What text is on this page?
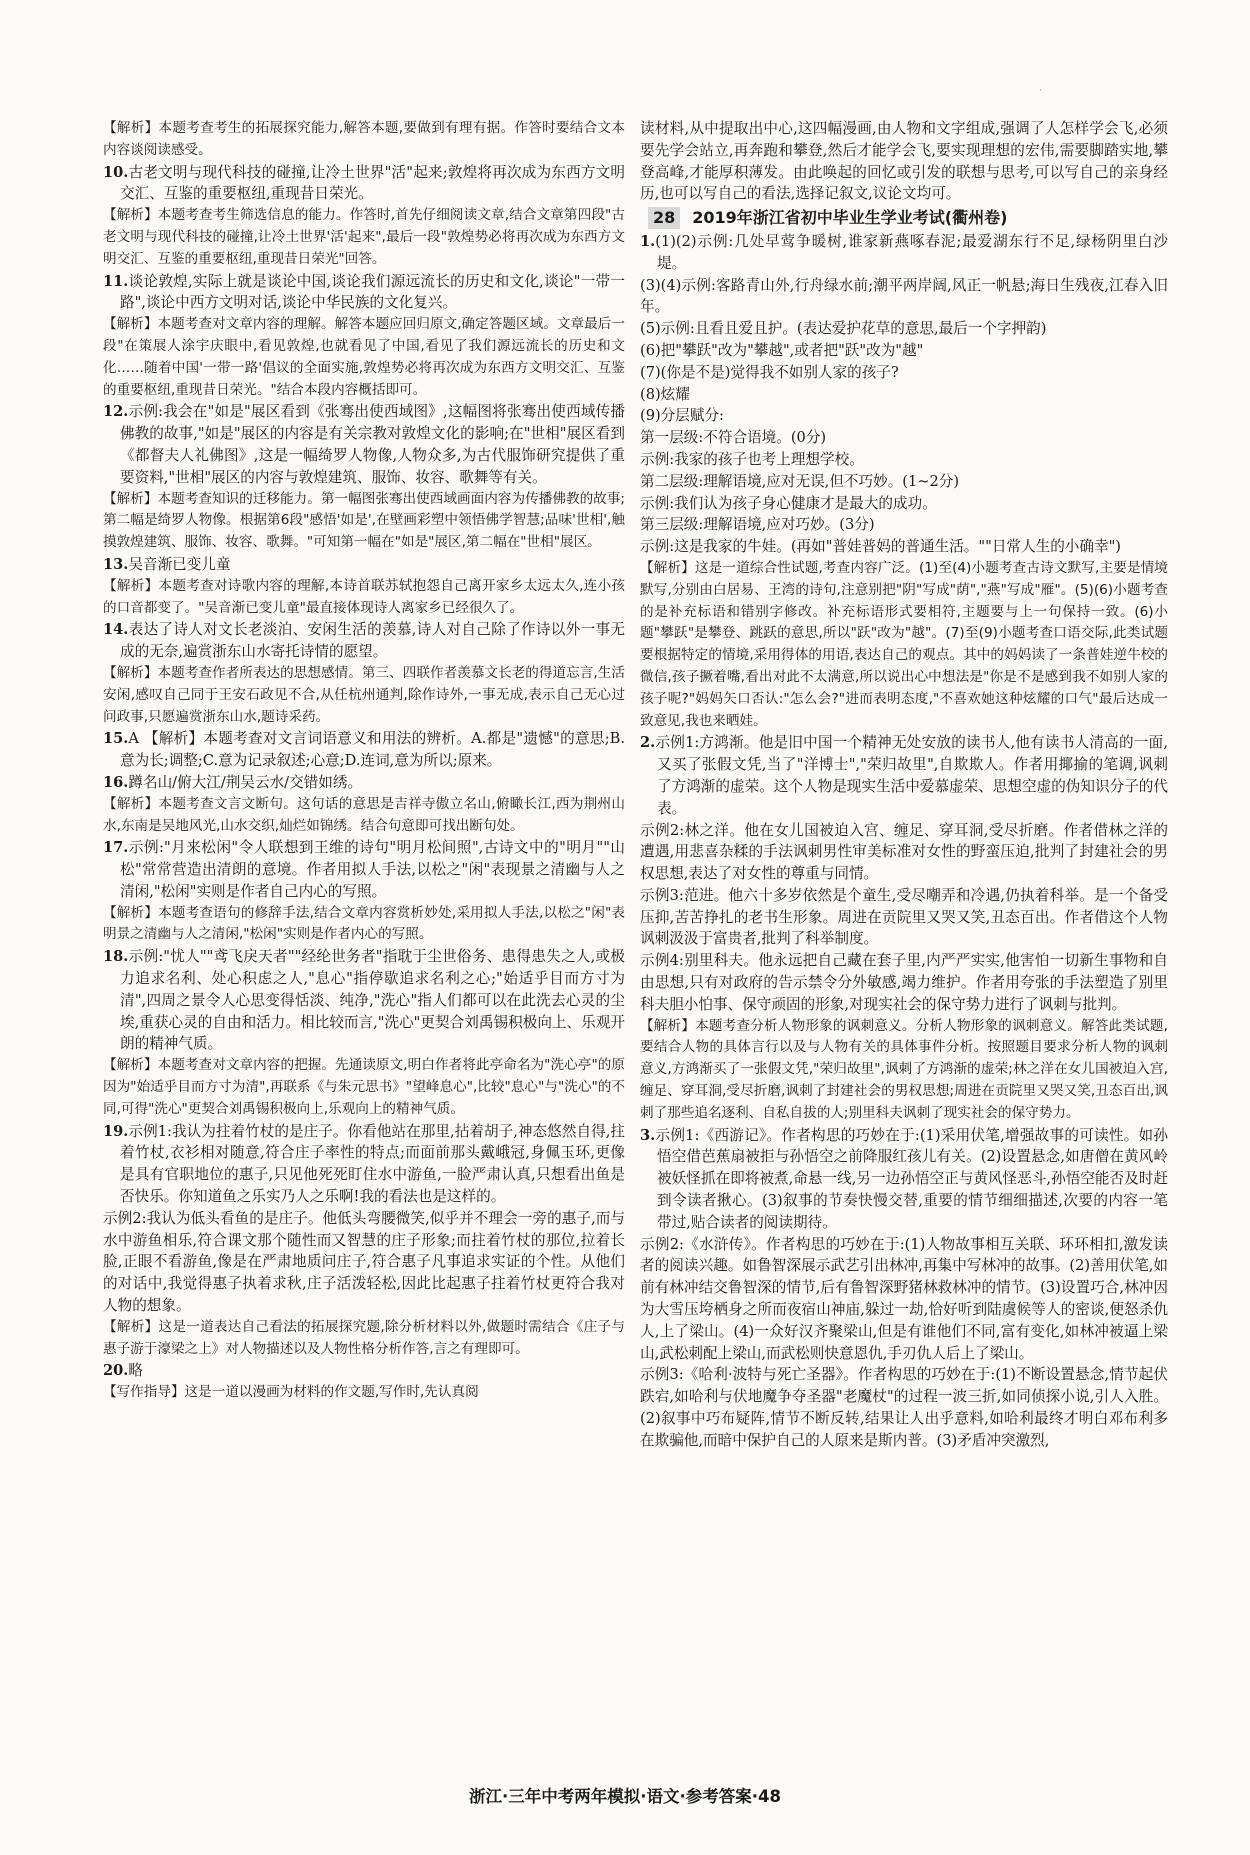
·

【解析】本题考查考生的拓展探究能力,解答本题,要做到有理有据。作答时要结合文本内容谈阅读感受。

10.古老文明与现代科技的碰撞,让冷土世界"活"起来;敦煌将再次成为东西方文明交汇、互鉴的重要枢纽,重现昔日荣光。

【解析】本题考查考生筛选信息的能力。作答时,首先仔细阅读文章,结合文章第四段"古老文明与现代科技的碰撞,让冷土世界'活'起来",最后一段"敦煌势必将再次成为东西方文明交汇、互鉴的重要枢纽,重现昔日荣光"回答。

11.谈论敦煌,实际上就是谈论中国,谈论我们源远流长的历史和文化,谈论"一带一路",谈论中西方文明对话,谈论中华民族的文化复兴。

【解析】本题考查对文章内容的理解。解答本题应回归原文,确定答题区域。文章最后一段"在策展人涂宇庆眼中,看见敦煌,也就看见了中国,看见了我们源远流长的历史和文化……随着中国'一带一路'倡议的全面实施,敦煌势必将再次成为东西方文明交汇、互鉴的重要枢纽,重现昔日荣光。"结合本段内容概括即可。

12.示例:我会在"如是"展区看到《张骞出使西域图》,这幅图将张骞出使西域传播佛教的故事,"如是"展区的内容是有关宗教对敦煌文化的影响;在"世相"展区看到《都督夫人礼佛图》,这是一幅绮罗人物像,人物众多,为古代服饰研究提供了重要资料,"世相"展区的内容与敦煌建筑、服饰、妆容、歌舞等有关。

【解析】本题考查知识的迁移能力。第一幅图张骞出使西域画面内容为传播佛教的故事;第二幅是绮罗人物像。根据第6段"感悟'如是',在壁画彩塑中领悟佛学智慧;品味'世相',触摸敦煌建筑、服饰、妆容、歌舞。"可知第一幅在"如是"展区,第二幅在"世相"展区。

13.吴音渐已变儿童

【解析】本题考查对诗歌内容的理解,本诗首联苏轼抱怨自己离开家乡太远太久,连小孩的口音都变了。"吴音渐已变儿童"最直接体现诗人离家乡已经很久了。

14.表达了诗人对文长老淡泊、安闲生活的羡慕,诗人对自己除了作诗以外一事无成的无奈,遍赏浙东山水寄托诗情的愿望。

【解析】本题考查作者所表达的思想感情。第三、四联作者羡慕文长老的得道忘言,生活安闲,感叹自己同于王安石政见不合,从任杭州通判,除作诗外,一事无成,表示自己无心过问政事,只愿遍赏浙东山水,题诗采药。

15.A 【解析】本题考查对文言词语意义和用法的辨析。A.都是"遗憾"的意思;B.意为长;调整;C.意为记录叙述;心意;D.连词,意为所以;原来。

16.蹲名山/俯大江/荆吴云水/交错如绣。

【解析】本题考查文言文断句。这句话的意思是吉祥寺傲立名山,俯瞰长江,西为荆州山水,东南是吴地风光,山水交织,灿烂如锦绣。结合句意即可找出断句处。

17.示例:"月来松闲"令人联想到王维的诗句"明月松间照",古诗文中的"明月""山松"常常营造出清朗的意境。作者用拟人手法,以松之"闲"表现景之清幽与人之清闲,"松闲"实则是作者自己内心的写照。

【解析】本题考查语句的修辞手法,结合文章内容赏析妙处,采用拟人手法,以松之"闲"表明景之清幽与人之清闲,"松闲"实则是作者内心的写照。

18.示例:"忧人""鸢飞戾天者""经纶世务者"指耽于尘世俗务、患得患失之人,或极力追求名利、处心积虑之人,"息心"指停歇追求名利之心;"始适乎目而方寸为清",四周之景令人心思变得恬淡、纯净,"洗心"指人们都可以在此洗去心灵的尘埃,重获心灵的自由和活力。相比较而言,"洗心"更契合刘禹锡积极向上、乐观开朗的精神气质。

【解析】本题考查对文章内容的把握。先通读原文,明白作者将此亭命名为"洗心亭"的原因为"始适乎目而方寸为清",再联系《与朱元思书》"望峰息心",比较"息心"与"洗心"的不同,可得"洗心"更契合刘禹锡积极向上,乐观向上的精神气质。

19.示例1:我认为拄着竹杖的是庄子。你看他站在那里,拈着胡子,神态悠然自得,拄着竹杖,衣衫相对随意,符合庄子率性的特点;而面前那头戴峨冠,身佩玉环,更像是具有官职地位的惠子,只见他死死盯住水中游鱼,一脸严肃认真,只想看出鱼是否快乐。你知道鱼之乐实乃人之乐啊!我的看法也是这样的。

示例2:我认为低头看鱼的是庄子。他低头弯腰微笑,似乎并不理会一旁的惠子,而与水中游鱼相乐,符合课文那个随性而又智慧的庄子形象;而拄着竹杖的那位,拉着长脸,正眼不看游鱼,像是在严肃地质问庄子,符合惠子凡事追求实证的个性。从他们的对话中,我觉得惠子执着求秋,庄子活泼轻松,因此比起惠子拄着竹杖更符合我对人物的想象。

【解析】这是一道表达自己看法的拓展探究题,除分析材料以外,做题时需结合《庄子与惠子游于濠梁之上》对人物描述以及人物性格分析作答,言之有理即可。

20.略

【写作指导】这是一道以漫画为材料的作文题,写作时,先认真阅

读材料,从中提取出中心,这四幅漫画,由人物和文字组成,强调了人怎样学会飞,必须要先学会站立,再奔跑和攀登,然后才能学会飞,要实现理想的宏伟,需要脚踏实地,攀登高峰,才能厚积薄发。由此唤起的回忆或引发的联想与思考,可以写自己的亲身经历,也可以写自己的看法,选择记叙文,议论文均可。

28	2019年浙江省初中毕业生学业考试(衢州卷)

1.(1)(2)示例:几处早莺争暖树,谁家新燕啄春泥;最爱湖东行不足,绿杨阴里白沙堤。

(3)(4)示例:客路青山外,行舟绿水前;潮平两岸阔,风正一帆悬;海日生残夜,江春入旧年。

(5)示例:且看且爱且护。(表达爱护花草的意思,最后一个字押韵)

(6)把"攀跃"改为"攀越",或者把"跃"改为"越"

(7)(你是不是)觉得我不如别人家的孩子?

(8)炫耀

(9)分层赋分:

第一层级:不符合语境。(0分)

示例:我家的孩子也考上理想学校。

第二层级:理解语境,应对无误,但不巧妙。(1~2分)

示例:我们认为孩子身心健康才是最大的成功。

第三层级:理解语境,应对巧妙。(3分)

示例:这是我家的牛娃。(再如"普娃普妈的普通生活。""日常人生的小确幸")

【解析】这是一道综合性试题,考查内容广泛。(1)至(4)小题考查古诗文默写,主要是情境默写,分别由白居易、王湾的诗句,注意别把"阴"写成"荫","燕"写成"雁"。(5)(6)小题考查的是补充标语和错别字修改。补充标语形式要相符,主题要与上一句保持一致。(6)小题"攀跃"是攀登、跳跃的意思,所以"跃"改为"越"。(7)至(9)小题考查口语交际,此类试题要根据特定的情境,采用得体的用语,表达自己的观点。其中的妈妈读了一条普娃逆牛校的微信,孩子撅着嘴,看出对此不太满意,所以说出心中想法是"你是不是感到我不如别人家的孩子呢?"妈妈矢口否认:"怎么会?"进而表明态度,"不喜欢她这种炫耀的口气"最后达成一致意见,我也来晒娃。

2.示例1:方鸿渐。他是旧中国一个精神无处安放的读书人,他有读书人清高的一面,又买了张假文凭,当了"洋博士","荣归故里",自欺欺人。作者用揶揄的笔调,讽刺了方鸿渐的虚荣。这个人物是现实生活中爱慕虚荣、思想空虚的伪知识分子的代表。

示例2:林之洋。他在女儿国被迫入宫、缠足、穿耳洞,受尽折磨。作者借林之洋的遭遇,用悲喜杂糅的手法讽刺男性审美标准对女性的野蛮压迫,批判了封建社会的男权思想,表达了对女性的尊重与同情。

示例3:范进。他六十多岁依然是个童生,受尽嘲弄和冷遇,仍执着科举。是一个备受压抑,苦苦挣扎的老书生形象。周进在贡院里又哭又笑,丑态百出。作者借这个人物讽刺汲汲于富贵者,批判了科举制度。

示例4:别里科夫。他永远把自己藏在套子里,内严严实实,他害怕一切新生事物和自由思想,只有对政府的告示禁令分外敏感,竭力维护。作者用夸张的手法塑造了别里科夫胆小怕事、保守顽固的形象,对现实社会的保守势力进行了讽刺与批判。

【解析】本题考查分析人物形象的讽刺意义。分析人物形象的讽刺意义。解答此类试题,要结合人物的具体言行以及与人物有关的具体事件分析。按照题目要求分析人物的讽刺意义,方鸿渐买了一张假文凭,"荣归故里",讽刺了方鸿渐的虚荣;林之洋在女儿国被迫入宫,缠足、穿耳洞,受尽折磨,讽刺了封建社会的男权思想;周进在贡院里又哭又笑,丑态百出,讽刺了那些追名逐利、自私自拔的人;别里科夫讽刺了现实社会的保守势力。

3.示例1:《西游记》。作者构思的巧妙在于:(1)采用伏笔,增强故事的可读性。如孙悟空借芭蕉扇被拒与孙悟空之前降服红孩儿有关。(2)设置悬念,如唐僧在黄风岭被妖怪抓在即将被煮,命悬一线,另一边孙悟空正与黄风怪恶斗,孙悟空能否及时赶到令读者揪心。(3)叙事的节奏快慢交替,重要的情节细细描述,次要的内容一笔带过,贴合读者的阅读期待。

示例2:《水浒传》。作者构思的巧妙在于:(1)人物故事相互关联、环环相扣,激发读者的阅读兴趣。如鲁智深展示武艺引出林冲,再集中写林冲的故事。(2)善用伏笔,如前有林冲结交鲁智深的情节,后有鲁智深野猪林救林冲的情节。(3)设置巧合,林冲因为大雪压垮栖身之所而夜宿山神庙,躲过一劫,恰好听到陆虞候等人的密谈,便怒杀仇人,上了梁山。(4)一众好汉齐聚梁山,但是有谁他们不同,富有变化,如林冲被逼上梁山,武松刺配上梁山,而武松则快意恩仇,手刃仇人后上了梁山。

示例3:《哈利·波特与死亡圣器》。作者构思的巧妙在于:(1)不断设置悬念,情节起伏跌宕,如哈利与伏地魔争夺圣器"老魔杖"的过程一波三折,如同侦探小说,引人入胜。(2)叙事中巧布疑阵,情节不断反转,结果让人出乎意料,如哈利最终才明白邓布利多在欺骗他,而暗中保护自己的人原来是斯内普。(3)矛盾冲突激烈,

浙江·三年中考两年模拟·语文·参考答案·48
